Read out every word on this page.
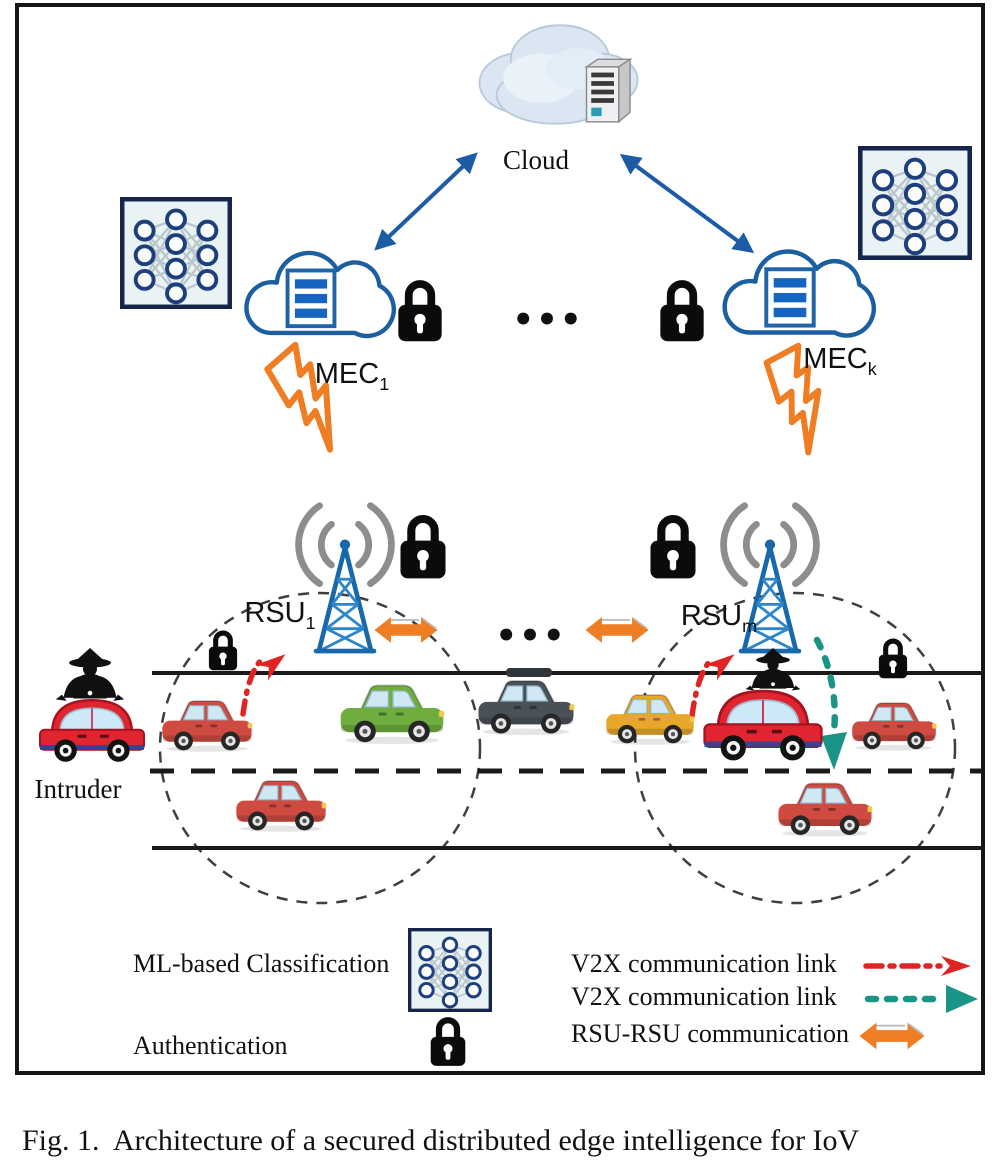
Cloud
$MEC_1$
$MEC_k$
$RSU_1$	$RSU_m$
Intruder
•••
•••
ML-based Classification
Authentication
V2X communication link
V2X communication link
RSU-RSU communication
Fig. 1.  Architecture of a secured distributed edge intelligence for IoV
